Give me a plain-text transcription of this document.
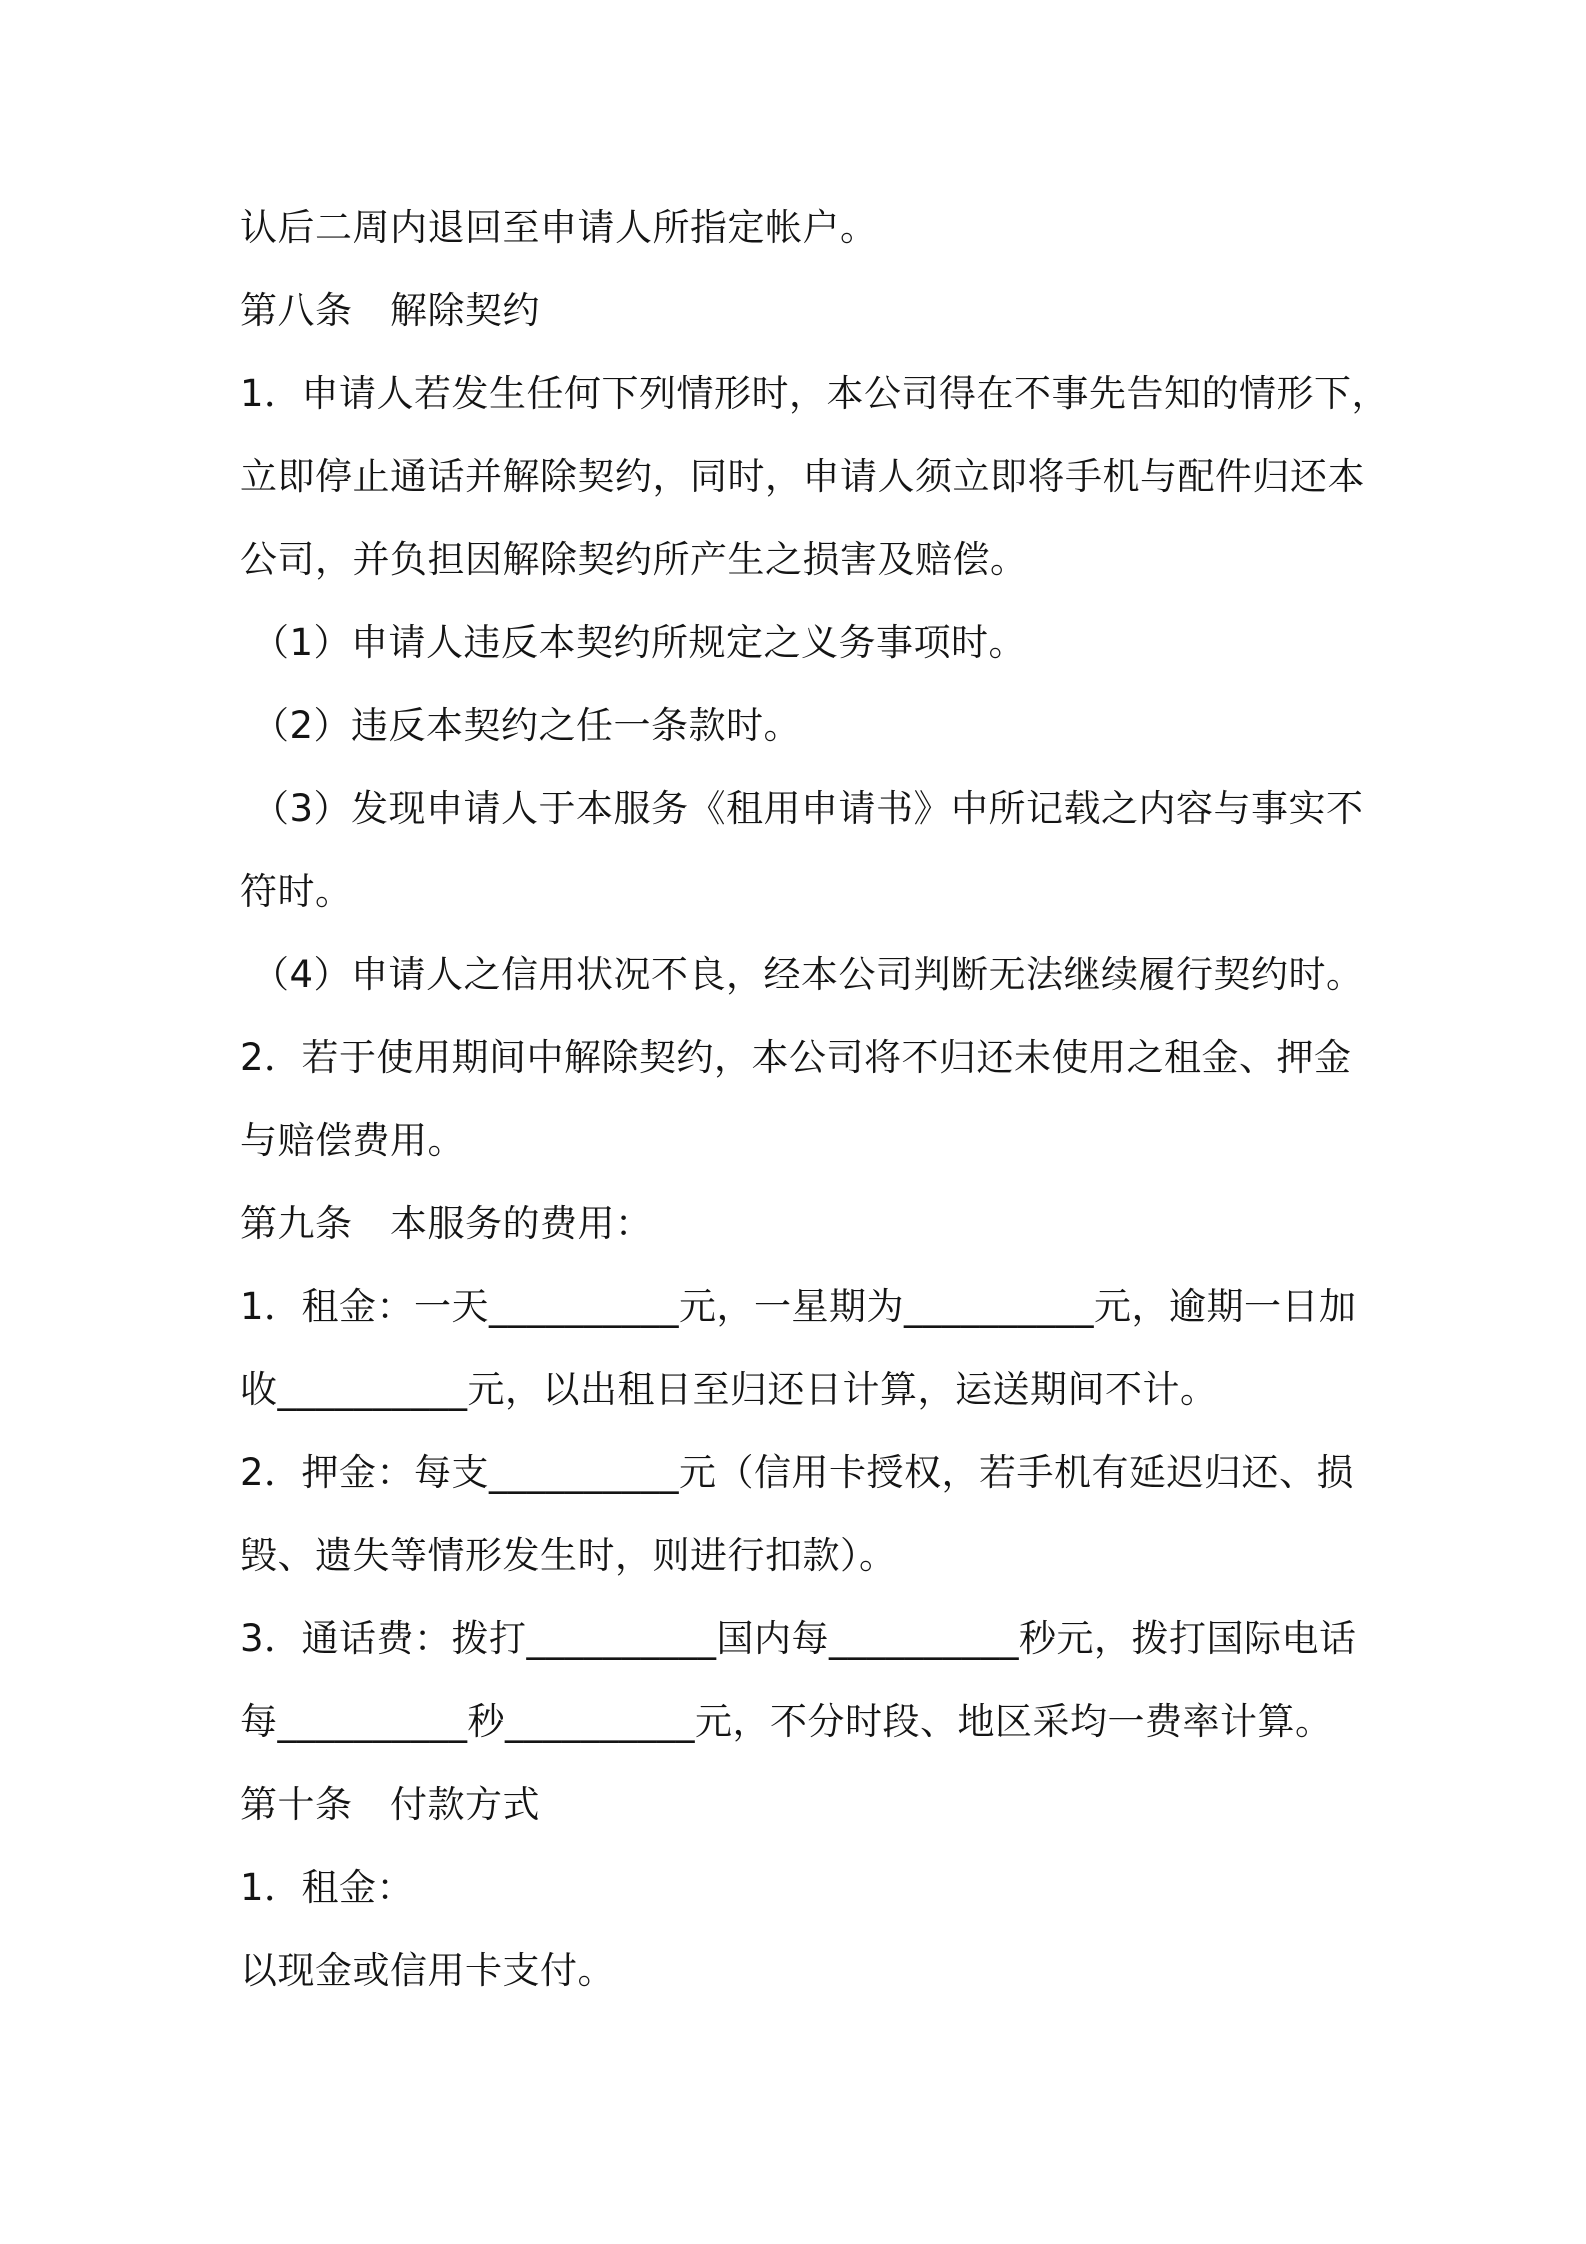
认后二周内退回至申请人所指定帐户。
第八条　解除契约
1．申请人若发生任何下列情形时，本公司得在不事先告知的情形下，
立即停止通话并解除契约，同时，申请人须立即将手机与配件归还本
公司，并负担因解除契约所产生之损害及赔偿。
（1）申请人违反本契约所规定之义务事项时。
（2）违反本契约之任一条款时。
（3）发现申请人于本服务《租用申请书》中所记载之内容与事实不
符时。
（4）申请人之信用状况不良，经本公司判断无法继续履行契约时。
2．若于使用期间中解除契约，本公司将不归还未使用之租金、押金
与赔偿费用。
第九条　本服务的费用：
1．租金：一天__________元，一星期为__________元，逾期一日加
收__________元，以出租日至归还日计算，运送期间不计。
2．押金：每支__________元（信用卡授权，若手机有延迟归还、损
毁、遗失等情形发生时，则进行扣款）。
3．通话费：拨打__________国内每__________秒元，拨打国际电话
每__________秒__________元，不分时段、地区采均一费率计算。
第十条　付款方式
1．租金：
以现金或信用卡支付。
